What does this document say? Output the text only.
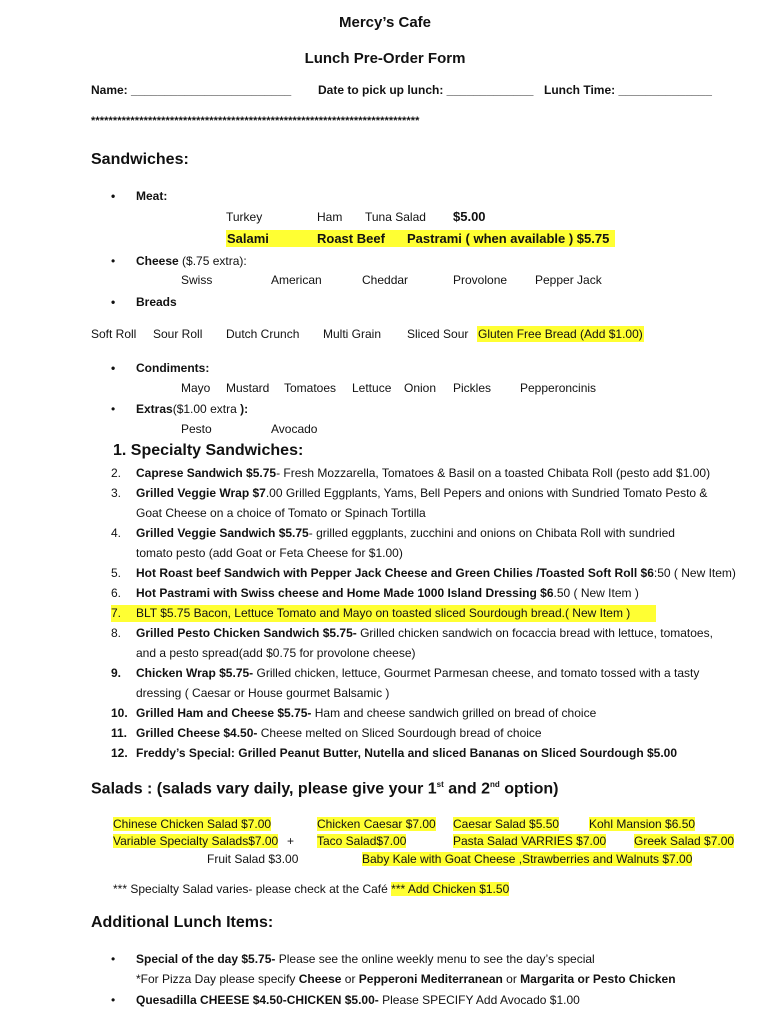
Mercy’s Cafe
Lunch Pre-Order Form
Name: ________________________ Date to pick up lunch: _____________ Lunch Time: ______________
***************************************************************************
Sandwiches:
• Meat:
Turkey	Ham Tuna Salad $5.00
Salami	Roast Beef Pastrami ( when available ) $5.75
• Cheese ($.75 extra):
Swiss	American	Cheddar	Provolone Pepper Jack
• Breads
Soft Roll Sour Roll Dutch Crunch Multi Grain Sliced Sour Gluten Free Bread (Add $1.00)
• Condiments:
Mayo Mustard Tomatoes Lettuce Onion Pickles Pepperoncinis
• Extras($1.00 extra ):
Pesto	Avocado
1. Specialty Sandwiches:
2.	Caprese Sandwich $5.75- Fresh Mozzarella, Tomatoes & Basil on a toasted Chibata Roll (pesto add $1.00)
3.	Grilled Veggie Wrap $7.00 Grilled Eggplants, Yams, Bell Pepers and onions with Sundried Tomato Pesto &
Goat Cheese on a choice of Tomato or Spinach Tortilla
4.	Grilled Veggie Sandwich $5.75- grilled eggplants, zucchini and onions on Chibata Roll with sundried
tomato pesto (add Goat or Feta Cheese for $1.00)
5.	Hot Roast beef Sandwich with Pepper Jack Cheese and Green Chilies /Toasted Soft Roll $6:50 ( New Item)
6.	Hot Pastrami with Swiss cheese and Home Made 1000 Island Dressing $6.50 ( New Item )
7.	BLT $5.75 Bacon, Lettuce Tomato and Mayo on toasted sliced Sourdough bread.( New Item )
8.	Grilled Pesto Chicken Sandwich $5.75- Grilled chicken sandwich on focaccia bread with lettuce, tomatoes,
and a pesto spread(add $0.75 for provolone cheese)
9.	Chicken Wrap $5.75- Grilled chicken, lettuce, Gourmet Parmesan cheese, and tomato tossed with a tasty
dressing ( Caesar or House gourmet Balsamic )
10. Grilled Ham and Cheese $5.75- Ham and cheese sandwich grilled on bread of choice
11. Grilled Cheese $4.50- Cheese melted on Sliced Sourdough bread of choice
12. Freddy’s Special: Grilled Peanut Butter, Nutella and sliced Bananas on Sliced Sourdough $5.00
Salads : (salads vary daily, please give your 1st and 2nd option)
Chinese Chicken Salad $7.00	Chicken Caesar $7.00 Caesar Salad $5.50 Kohl Mansion $6.50
Variable Specialty Salads$7.00 + Taco Salad$7.00	Pasta Salad VARRIES $7.00 Greek Salad $7.00
Fruit Salad $3.00	Baby Kale with Goat Cheese ,Strawberries and Walnuts $7.00
*** Specialty Salad varies- please check at the Café *** Add Chicken $1.50
Additional Lunch Items:
• Special of the day $5.75- Please see the online weekly menu to see the day’s special
*For Pizza Day please specify Cheese or Pepperoni Mediterranean or Margarita or Pesto Chicken
• Quesadilla CHEESE $4.50-CHICKEN $5.00- Please SPECIFY Add Avocado $1.00
